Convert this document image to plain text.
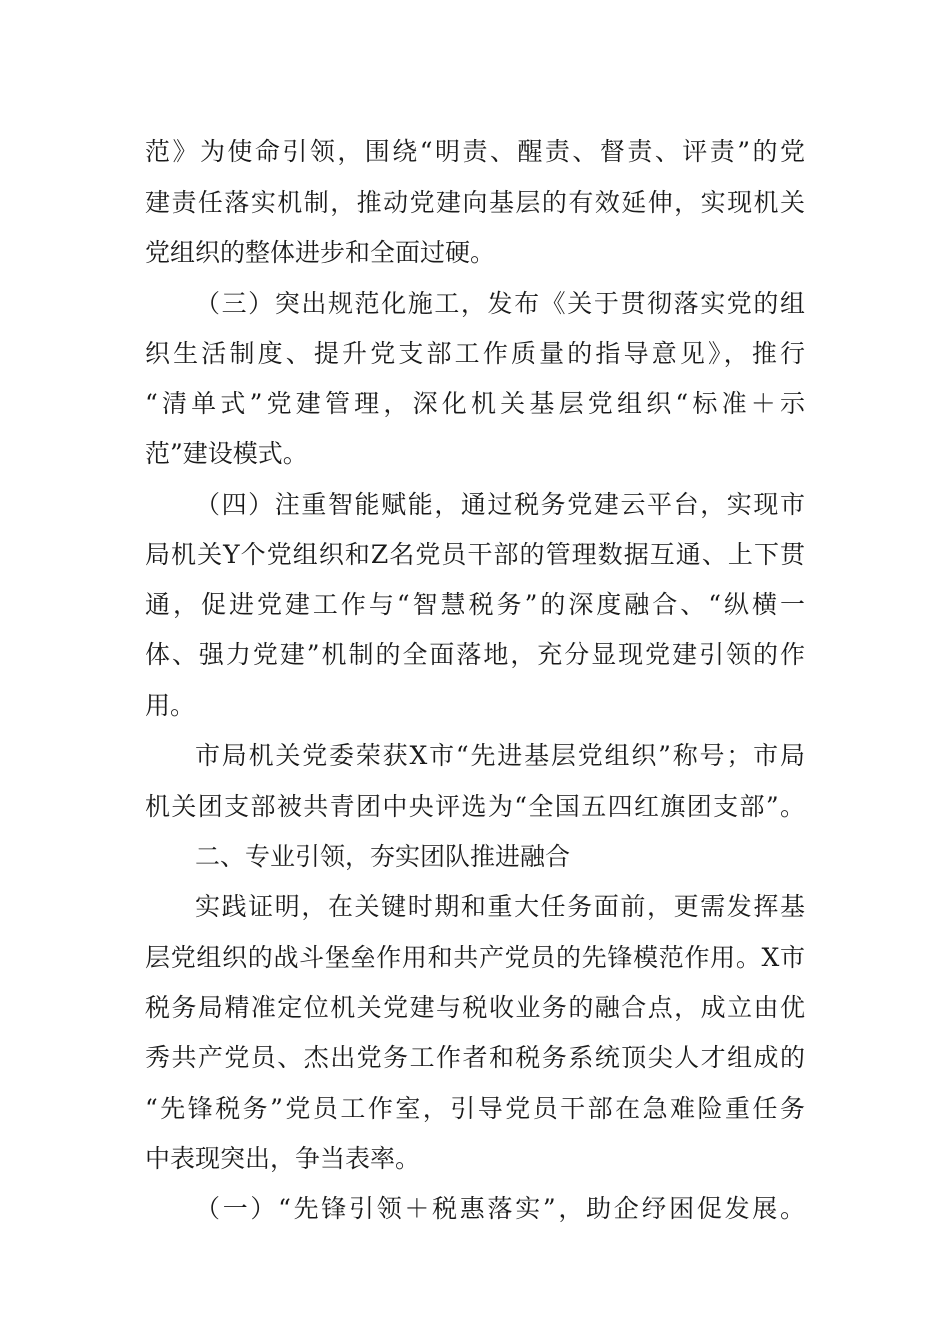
范》为使命引领，围绕“明责、醒责、督责、评责”的党
建责任落实机制，推动党建向基层的有效延伸，实现机关
党组织的整体进步和全面过硬。
（三）突出规范化施工，发布《关于贯彻落实党的组
织生活制度、提升党支部工作质量的指导意见》，推行
“清单式”党建管理，深化机关基层党组织“标准＋示
范”建设模式。
（四）注重智能赋能，通过税务党建云平台，实现市
局机关Y个党组织和Z名党员干部的管理数据互通、上下贯
通，促进党建工作与“智慧税务”的深度融合、“纵横一
体、强力党建”机制的全面落地，充分显现党建引领的作
用。
市局机关党委荣获X市“先进基层党组织”称号；市局
机关团支部被共青团中央评选为“全国五四红旗团支部”。
二、专业引领，夯实团队推进融合
实践证明，在关键时期和重大任务面前，更需发挥基
层党组织的战斗堡垒作用和共产党员的先锋模范作用。X市
税务局精准定位机关党建与税收业务的融合点，成立由优
秀共产党员、杰出党务工作者和税务系统顶尖人才组成的
“先锋税务”党员工作室，引导党员干部在急难险重任务
中表现突出，争当表率。
（一）“先锋引领＋税惠落实”，助企纾困促发展。
